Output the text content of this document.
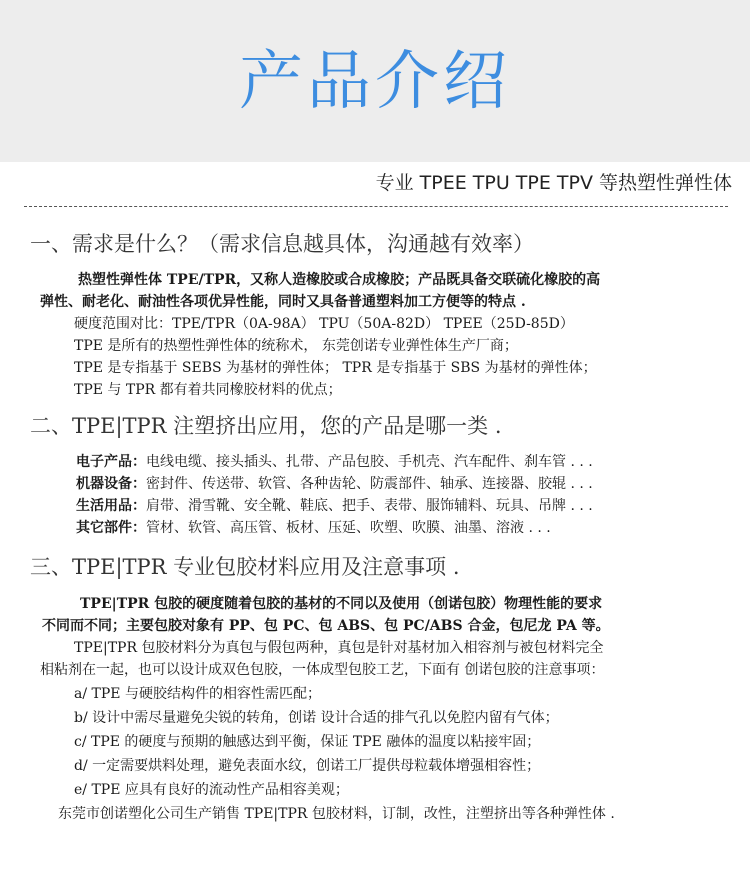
产品介绍
专业 TPEE TPU TPE TPV 等热塑性弹性体
一、需求是什么？（需求信息越具体，沟通越有效率）
热塑性弹性体 TPE/TPR，又称人造橡胶或合成橡胶；产品既具备交联硫化橡胶的高
弹性、耐老化、耐油性各项优异性能，同时又具备普通塑料加工方便等的特点 .
硬度范围对比：TPE/TPR（0A-98A） TPU（50A-82D） TPEE（25D-85D）
TPE 是所有的热塑性弹性体的统称术， 东莞创诺专业弹性体生产厂商；
TPE 是专指基于 SEBS 为基材的弹性体； TPR 是专指基于 SBS 为基材的弹性体；
TPE 与 TPR 都有着共同橡胶材料的优点；
二、TPE|TPR 注塑挤出应用，您的产品是哪一类 .
电子产品：电线电缆、接头插头、扎带、产品包胶、手机壳、汽车配件、刹车管 . . .
机器设备：密封件、传送带、软管、各种齿轮、防震部件、轴承、连接器、胶辊 . . .
生活用品：肩带、滑雪靴、安全靴、鞋底、把手、表带、服饰辅料、玩具、吊牌 . . .
其它部件：管材、软管、高压管、板材、压延、吹塑、吹膜、油墨、溶液 . . .
三、TPE|TPR 专业包胶材料应用及注意事项 .
TPE|TPR 包胶的硬度随着包胶的基材的不同以及使用（创诺包胶）物理性能的要求
不同而不同；主要包胶对象有 PP、包 PC、包 ABS、包 PC/ABS 合金，包尼龙 PA 等。
TPE|TPR 包胶材料分为真包与假包两种，真包是针对基材加入相容剂与被包材料完全
相粘剂在一起，也可以设计成双色包胶，一体成型包胶工艺，下面有 创诺包胶的注意事项：
a/ TPE 与硬胶结构件的相容性需匹配；
b/ 设计中需尽量避免尖锐的转角，创诺 设计合适的排气孔以免腔内留有气体；
c/ TPE 的硬度与预期的触感达到平衡，保证 TPE 融体的温度以粘接牢固；
d/ 一定需要烘料处理，避免表面水纹，创诺工厂提供母粒载体增强相容性；
e/ TPE 应具有良好的流动性产品相容美观；
东莞市创诺塑化公司生产销售 TPE|TPR 包胶材料，订制，改性，注塑挤出等各种弹性体 .
